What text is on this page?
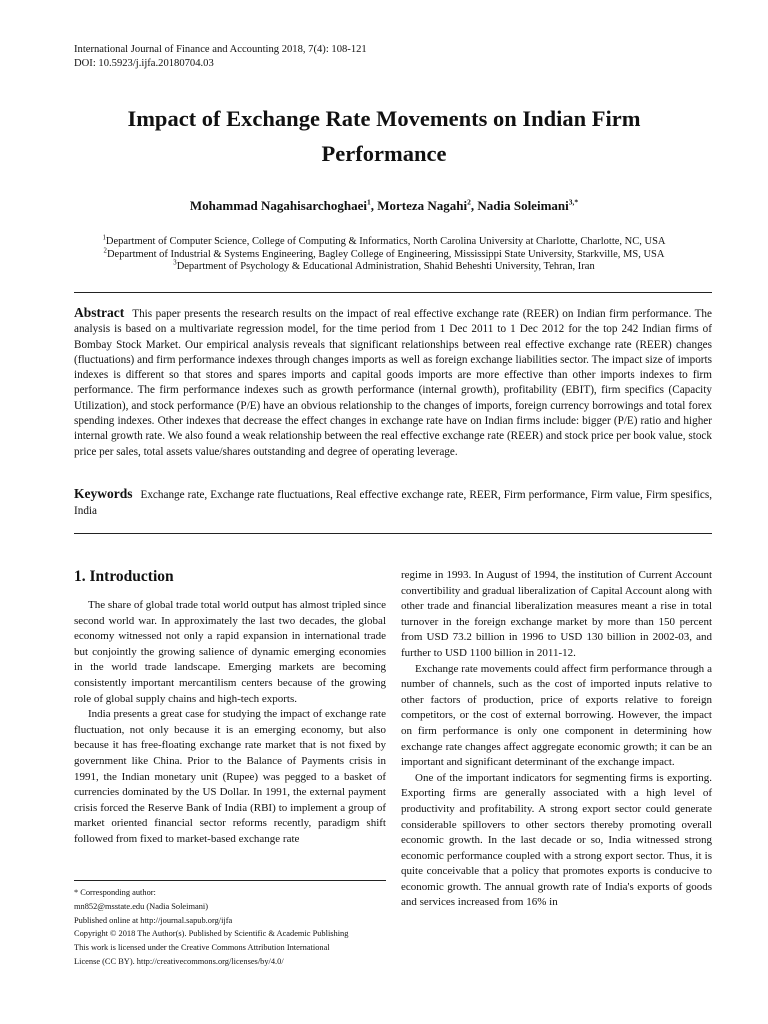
International Journal of Finance and Accounting 2018, 7(4): 108-121
DOI: 10.5923/j.ijfa.20180704.03
Impact of Exchange Rate Movements on Indian Firm
Performance
Mohammad Nagahisarchoghaei$^1$, Morteza Nagahi$^2$, Nadia Soleimani$^{3,*}$
$^1$Department of Computer Science, College of Computing & Informatics, North Carolina University at Charlotte, Charlotte, NC, USA
$^2$Department of Industrial & Systems Engineering, Bagley College of Engineering, Mississippi State University, Starkville, MS, USA
$^3$Department of Psychology & Educational Administration, Shahid Beheshti University, Tehran, Iran
Abstract This paper presents the research results on the impact of real effective exchange rate (REER) on Indian firm performance. The analysis is based on a multivariate regression model, for the time period from 1 Dec 2011 to 1 Dec 2012 for the top 242 Indian firms of Bombay Stock Market. Our empirical analysis reveals that significant relationships between real effective exchange rate (REER) changes (fluctuations) and firm performance indexes through changes imports as well as foreign exchange liabilities sector. The impact size of imports indexes is different so that stores and spares imports and capital goods imports are more effective than other imports indexes to firm performance. The firm performance indexes such as growth performance (internal growth), profitability (EBIT), firm specifics (Capacity Utilization), and stock performance (P/E) have an obvious relationship to the changes of imports, foreign currency borrowings and total forex spending indexes. Other indexes that decrease the effect changes in exchange rate have on Indian firms include: bigger (P/E) ratio and higher internal growth rate. We also found a weak relationship between the real effective exchange rate (REER) and stock price per book value, stock price per sales, total assets value/shares outstanding and degree of operating leverage.
Keywords Exchange rate, Exchange rate fluctuations, Real effective exchange rate, REER, Firm performance, Firm value, Firm spesifics, India
1. Introduction

The share of global trade total world output has almost tripled since second world war. In approximately the last two decades, the global economy witnessed not only a rapid expansion in international trade but conjointly the growing salience of dynamic emerging economies in the world trade landscape. Emerging markets are becoming consistently important mercantilism centers because of the growing role of global supply chains and high-tech exports.

India presents a great case for studying the impact of exchange rate fluctuation, not only because it is an emerging economy, but also because it has free-floating exchange rate market that is not fixed by government like China. Prior to the Balance of Payments crisis in 1991, the Indian monetary unit (Rupee) was pegged to a basket of currencies dominated by the US Dollar. In 1991, the external payment crisis forced the Reserve Bank of India (RBI) to implement a group of market oriented financial sector reforms recently, paradigm shift followed from fixed to market-based exchange rate

regime in 1993. In August of 1994, the institution of Current Account convertibility and gradual liberalization of Capital Account along with other trade and financial liberalization measures meant a rise in total turnover in the foreign exchange market by more than 150 percent from USD 73.2 billion in 1996 to USD 130 billion in 2002-03, and further to USD 1100 billion in 2011-12.

Exchange rate movements could affect firm performance through a number of channels, such as the cost of imported inputs relative to other factors of production, price of exports relative to foreign competitors, or the cost of external borrowing. However, the impact on firm performance is only one component in determining how exchange rate changes affect aggregate economic growth; it can be an important and significant determinant of the exchange impact.

One of the important indicators for segmenting firms is exporting. Exporting firms are generally associated with a high level of productivity and profitability. A strong export sector could generate considerable spillovers to other sectors thereby promoting overall economic growth. In the last decade or so, India witnessed strong economic performance coupled with a strong export sector. Thus, it is quite conceivable that a policy that promotes exports is conducive to economic growth. The annual growth rate of India's exports of goods and services increased from 16% in

* Corresponding author:
mn852@msstate.edu (Nadia Soleimani)
Published online at http://journal.sapub.org/ijfa
Copyright © 2018 The Author(s). Published by Scientific & Academic Publishing
This work is licensed under the Creative Commons Attribution International
License (CC BY). http://creativecommons.org/licenses/by/4.0/
